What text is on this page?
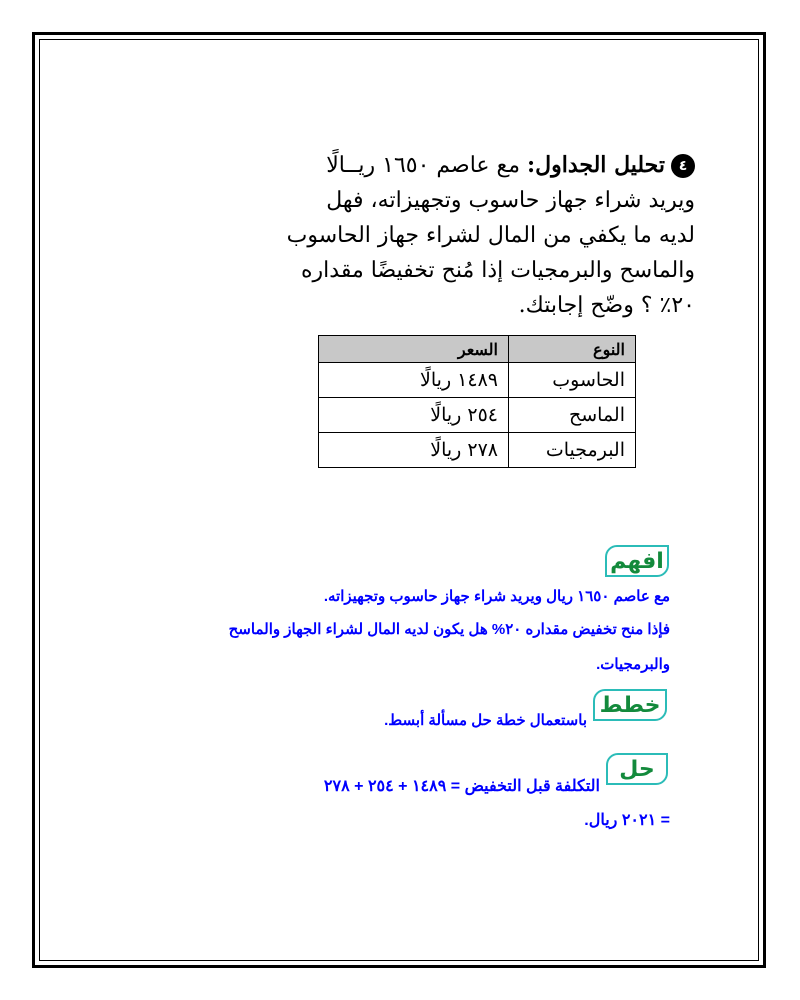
٤تحليل الجداول: مع عاصم ١٦٥٠ ريــالًا
ويريد شراء جهاز حاسوب وتجهيزاته، فهل
لديه ما يكفي من المال لشراء جهاز الحاسوب
والماسح والبرمجيات إذا مُنح تخفيضًا مقداره
٢٠٪ ؟ وضّح إجابتك.
النوع	السعر
الحاسوب	١٤٨٩ ريالًا
الماسح	٢٥٤ ريالًا
البرمجيات	٢٧٨ ريالًا
افهم
مع عاصم ١٦٥٠ ريال ويريد شراء جهاز حاسوب وتجهيزاته.
فإذا منح تخفيض مقداره ٢٠% هل يكون لديه المال لشراء الجهاز والماسح
والبرمجيات.
خطط
باستعمال خطة حل مسألة أبسط.
حل
التكلفة قبل التخفيض = ١٤٨٩ + ٢٥٤ + ٢٧٨
= ٢٠٢١ ريال.
